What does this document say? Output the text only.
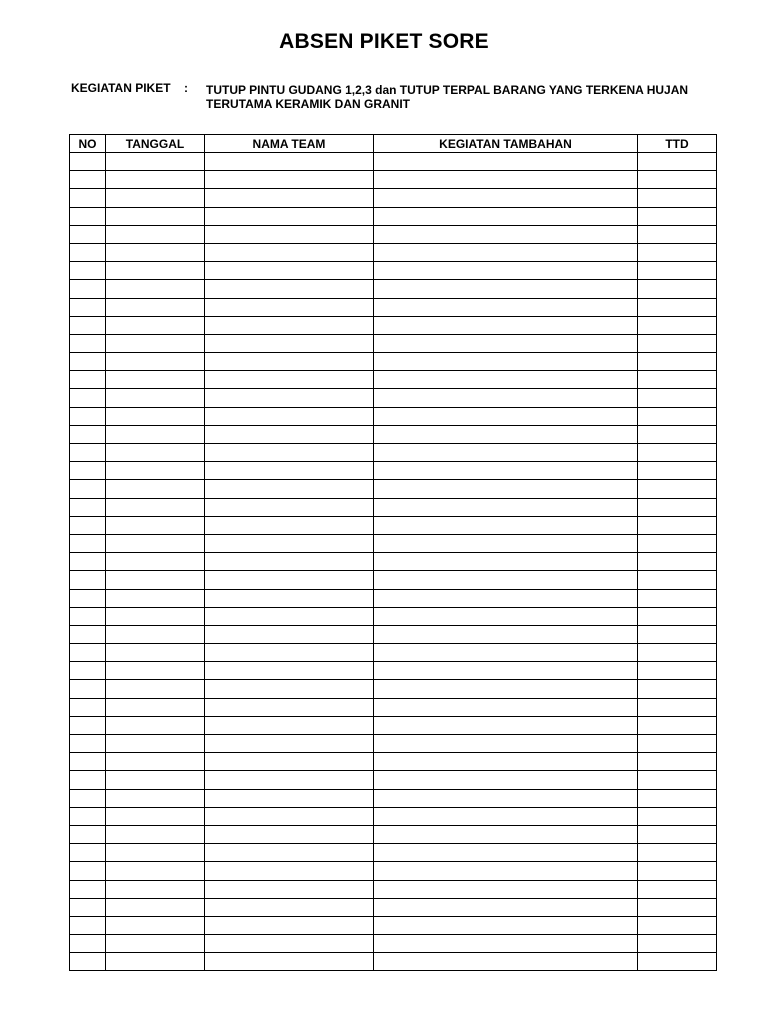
ABSEN PIKET SORE
KEGIATAN PIKET : TUTUP PINTU GUDANG 1,2,3 dan TUTUP TERPAL BARANG YANG TERKENA HUJAN
TERUTAMA KERAMIK DAN GRANIT
NO	TANGGAL	NAMA TEAM	KEGIATAN TAMBAHAN	TTD
